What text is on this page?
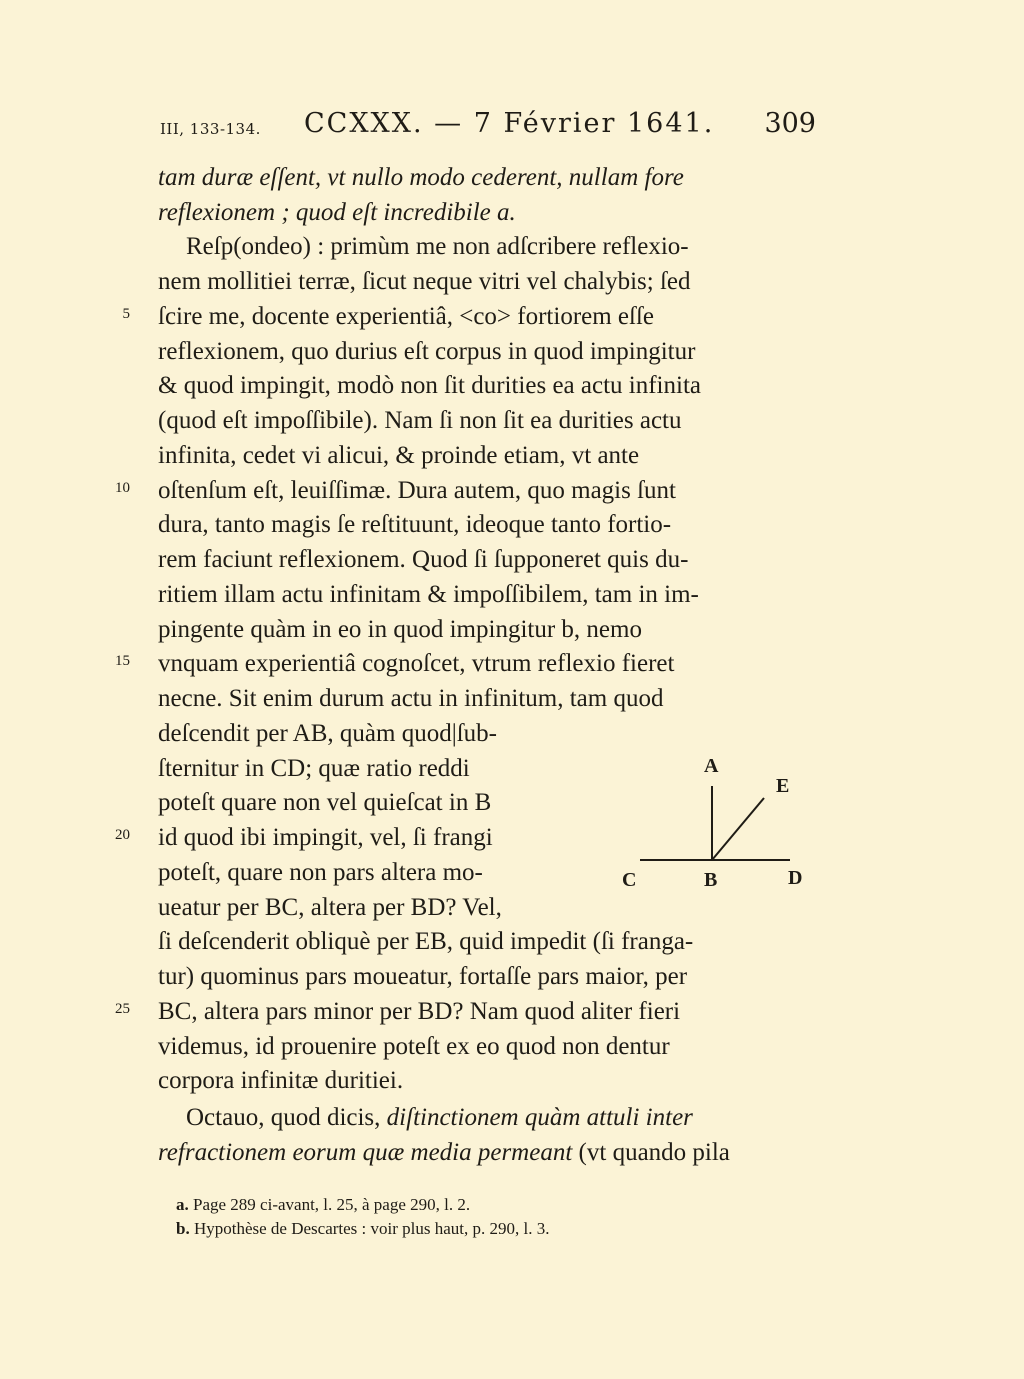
III, 133-134. CCXXX. — 7 Février 1641. 309
tam duræ eſſent, vt nullo modo cederent, nullam fore
reflexionem ; quod eſt incredibile a.
Reſp(ondeo) : primùm me non adſcribere reflexio-
nem mollitiei terræ, ſicut neque vitri vel chalybis; ſed
ſcire me, docente experientiâ, <co> fortiorem eſſe
reflexionem, quo durius eſt corpus in quod impingitur
& quod impingit, modò non ſit durities ea actu infinita
(quod eſt impoſſibile). Nam ſi non ſit ea durities actu
infinita, cedet vi alicui, & proinde etiam, vt ante
oſtenſum eſt, leuiſſimæ. Dura autem, quo magis ſunt
dura, tanto magis ſe reſtituunt, ideoque tanto fortio-
rem faciunt reflexionem. Quod ſi ſupponeret quis du-
ritiem illam actu infinitam & impoſſibilem, tam in im-
pingente quàm in eo in quod impingitur b, nemo
vnquam experientiâ cognoſcet, vtrum reflexio fieret
necne. Sit enim durum actu in infinitum, tam quod
deſcendit per AB, quàm quod|ſub-
ſternitur in CD; quæ ratio reddi
poteſt quare non vel quieſcat in B
id quod ibi impingit, vel, ſi frangi
poteſt, quare non pars altera mo-
ueatur per BC, altera per BD? Vel,
ſi deſcenderit obliquè per EB, quid impedit (ſi franga-
tur) quominus pars moueatur, fortaſſe pars maior, per
BC, altera pars minor per BD? Nam quod aliter fieri
videmus, id prouenire poteſt ex eo quod non dentur
corpora infinitæ duritiei.
Octauo, quod dicis, diſtinctionem quàm attuli inter
refractionem eorum quæ media permeant (vt quando pila
5
10
15
20
25
A
E
C	B	D
a. Page 289 ci-avant, l. 25, à page 290, l. 2.
b. Hypothèse de Descartes : voir plus haut, p. 290, l. 3.
